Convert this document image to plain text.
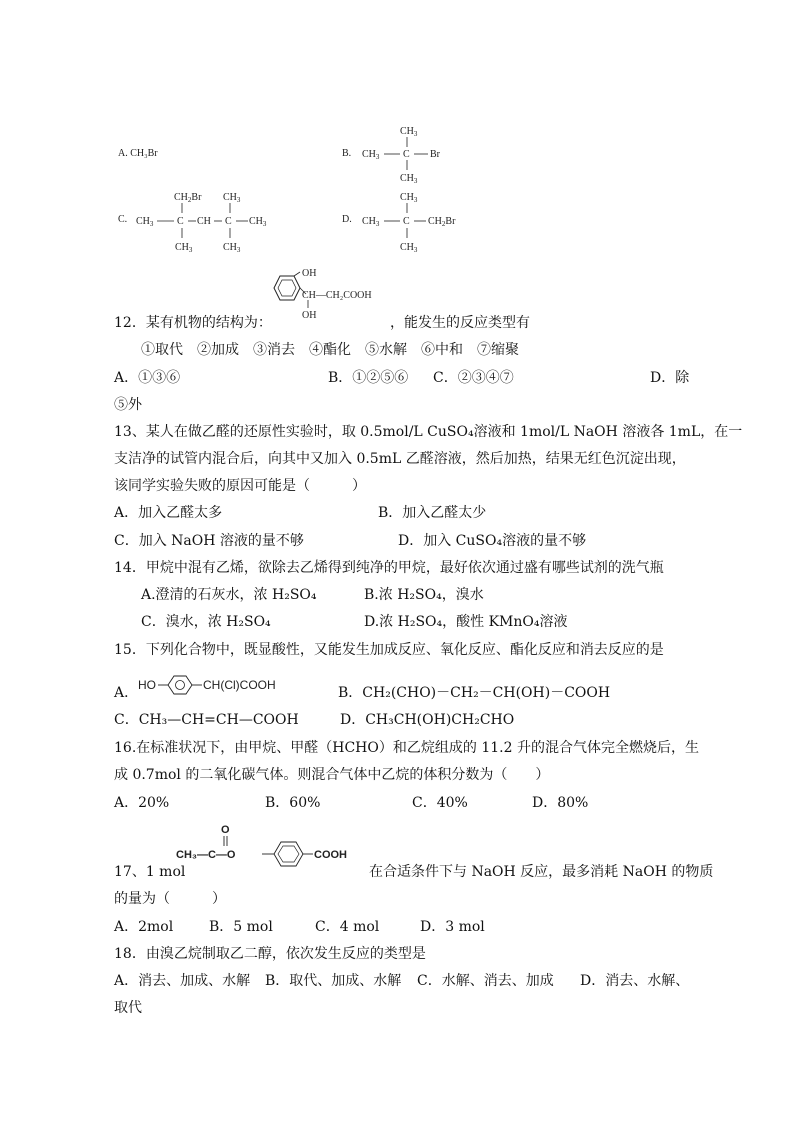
A. CH₃Br	B.
$CH_3$
$CH_3$ C Br
$CH_3$
C.
$CH_2Br$ $CH_3$
$CH_3$ C CH C $CH_3$
$CH_3$	$CH_3$
D.
$CH_3$
$CH_3$ C $CH_2Br$
$CH_3$
OH
CH—CH₂COOH
OH
12．某有机物的结构为：	，能发生的反应类型有
①取代　②加成　③消去　④酯化　⑤水解　⑥中和　⑦缩聚
A．①③⑥	B．①②⑤⑥ C．②③④⑦	D．除
⑤外
13、某人在做乙醛的还原性实验时，取 0.5mol/L CuSO₄溶液和 1mol/L NaOH 溶液各 1mL，在一
支洁净的试管内混合后，向其中又加入 0.5mL 乙醛溶液，然后加热，结果无红色沉淀出现，
该同学实验失败的原因可能是（　　　）
A．加入乙醛太多	B．加入乙醛太少
C．加入 NaOH 溶液的量不够	D．加入 CuSO₄溶液的量不够
14．甲烷中混有乙烯，欲除去乙烯得到纯净的甲烷，最好依次通过盛有哪些试剂的洗气瓶
A.澄清的石灰水，浓 H₂SO₄	B.浓 H₂SO₄，溴水
C．溴水，浓 H₂SO₄	D.浓 H₂SO₄，酸性 KMnO₄溶液
15．下列化合物中，既显酸性，又能发生加成反应、氧化反应、酯化反应和消去反应的是
A． HO	CH(Cl)COOH	B．CH₂(CHO)－CH₂－CH(OH)－COOH
C．CH₃—CH=CH—COOH	D．CH₃CH(OH)CH₂CHO
16.在标准状况下，由甲烷、甲醛（HCHO）和乙烷组成的 11.2 升的混合气体完全燃烧后，生
成 0.7mol 的二氧化碳气体。则混合气体中乙烷的体积分数为（　　）
A．20%	B．60%	C．40%	D．80%
O
CH₃—C—O	COOH
17、1 mol	在合适条件下与 NaOH 反应，最多消耗 NaOH 的物质
的量为（　　　）
A．2mol	B．5 mol	C．4 mol	D．3 mol
18．由溴乙烷制取乙二醇，依次发生反应的类型是
A．消去、加成、水解 B．取代、加成、水解 C．水解、消去、加成 D．消去、水解、
取代
